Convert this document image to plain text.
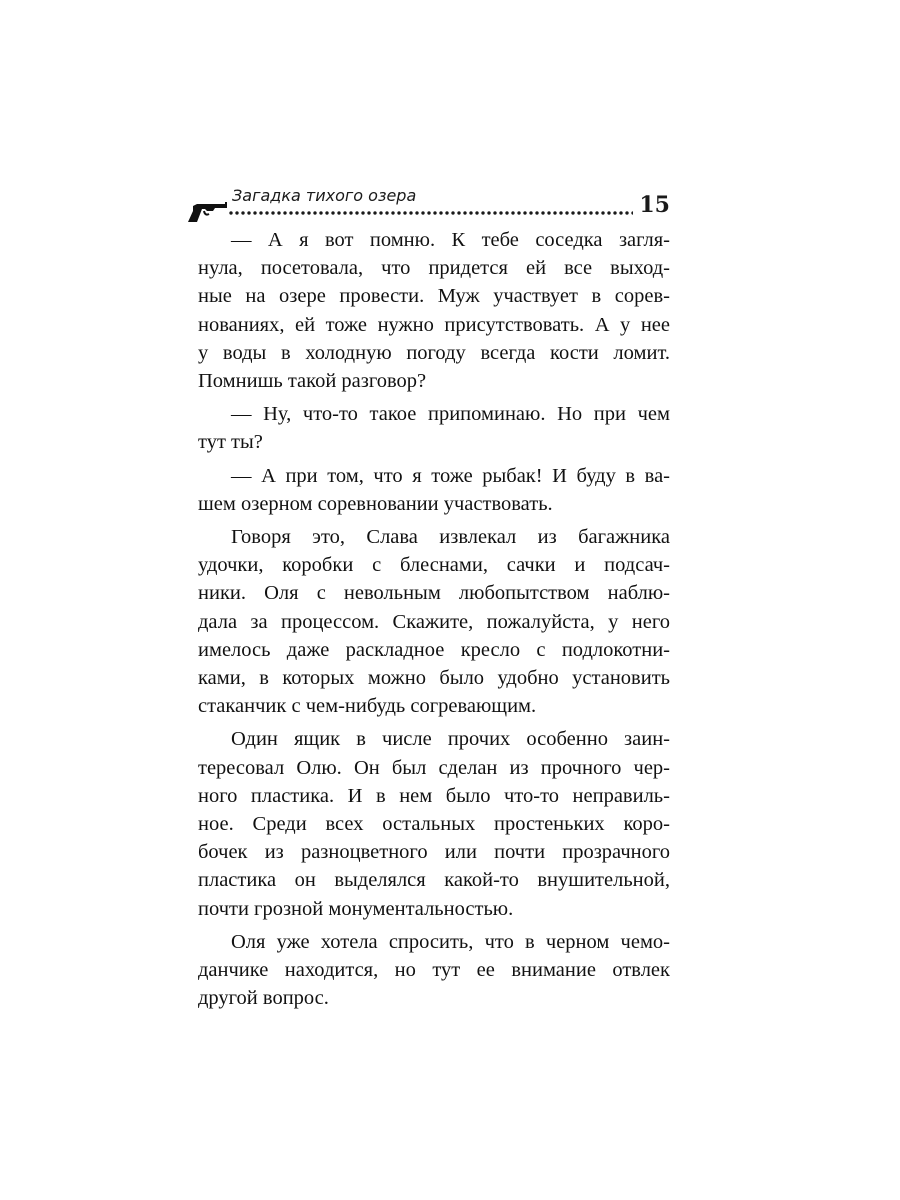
Загадка тихого озера	15
— А я вот помню. К тебе соседка загля-
нула, посетовала, что придется ей все выход-
ные на озере провести. Муж участвует в сорев-
нованиях, ей тоже нужно присутствовать. А у нее
у воды в холодную погоду всегда кости ломит.
Помнишь такой разговор?
— Ну, что-то такое припоминаю. Но при чем
тут ты?
— А при том, что я тоже рыбак! И буду в ва-
шем озерном соревновании участвовать.
Говоря это, Слава извлекал из багажника
удочки, коробки с блеснами, сачки и подсач-
ники. Оля с невольным любопытством наблю-
дала за процессом. Скажите, пожалуйста, у него
имелось даже раскладное кресло с подлокотни-
ками, в которых можно было удобно установить
стаканчик с чем-нибудь согревающим.
Один ящик в числе прочих особенно заин-
тересовал Олю. Он был сделан из прочного чер-
ного пластика. И в нем было что-то неправиль-
ное. Среди всех остальных простеньких коро-
бочек из разноцветного или почти прозрачного
пластика он выделялся какой-то внушительной,
почти грозной монументальностью.
Оля уже хотела спросить, что в черном чемо-
данчике находится, но тут ее внимание отвлек
другой вопрос.
